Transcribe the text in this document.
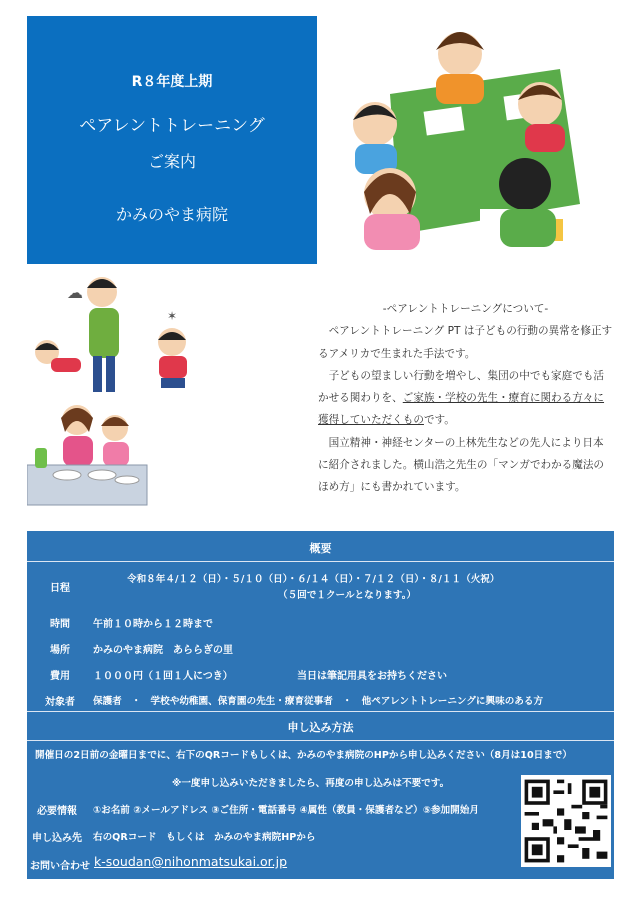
R８年度上期
ペアレントトレーニング
ご案内
かみのやま病院
☁
✶	-ペアレントトレーニングについて-

ペアレントトレーニング PT は子どもの行動の異常を修正するアメリカで生まれた手法です。

子どもの望ましい行動を増やし、集団の中でも家庭でも活かせる関わりを、ご家族・学校の先生・療育に関わる方々に獲得していただくものです。

国立精神・神経センターの上林先生などの先人により日本に紹介されました。横山浩之先生の「マンガでわかる魔法のほめ方」にも書かれています。

概要
日程
令和８年４/１２（日）・５/１０（日）・６/１４（日）・７/１２（日）・８/１１（火祝）
（５回で１クールとなります。）
時間 午前１０時から１２時まで
場所 かみのやま病院　あららぎの里
費用 １０００円（１回１人につき）	当日は筆記用具をお持ちください
対象者 保護者　・　学校や幼稚園、保育園の先生・療育従事者　・　他ペアレントトレーニングに興味のある方
申し込み方法
開催日の2日前の金曜日までに、右下のQRコードもしくは、かみのやま病院のHPから申し込みください（8月は10日まで）
※一度申し込みいただきましたら、再度の申し込みは不要です。
必要情報 ①お名前 ②メールアドレス ③ご住所・電話番号 ④属性（教員・保護者など）⑤参加開始月
申し込み先 右のQRコード　もしくは　かみのやま病院HPから
お問い合わせ k-soudan@nihonmatsukai.or.jp
